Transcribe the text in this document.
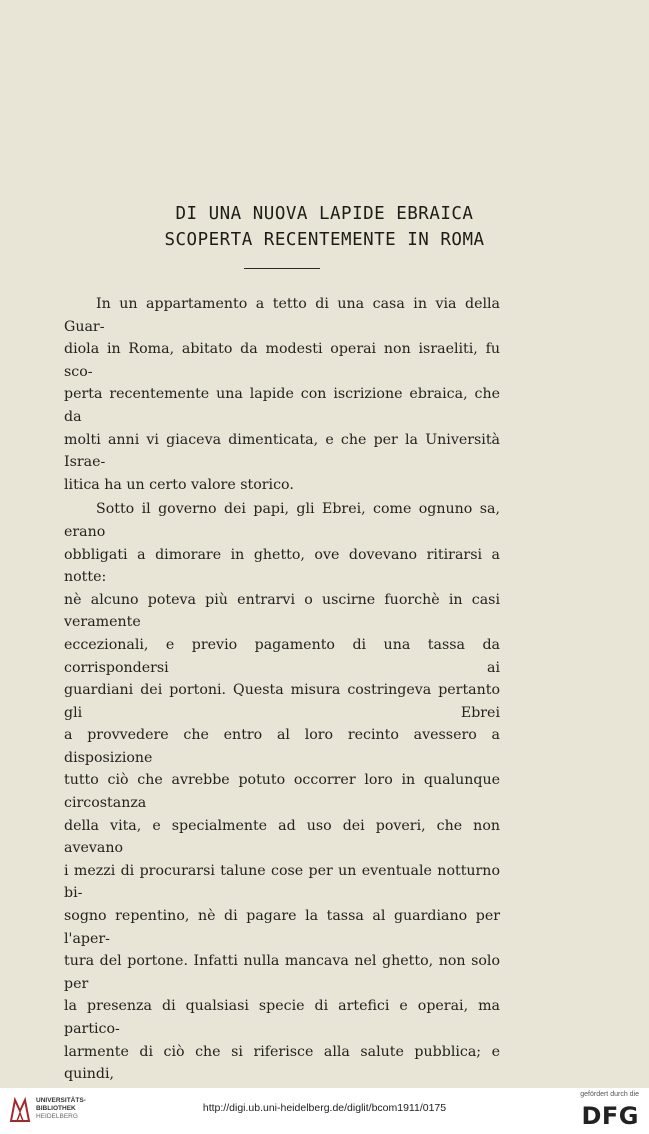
DI UNA NUOVA LAPIDE EBRAICA
SCOPERTA RECENTEMENTE IN ROMA

In un appartamento a tetto di una casa in via della Guar-
diola in Roma, abitato da modesti operai non israeliti, fu sco-
perta recentemente una lapide con iscrizione ebraica, che da
molti anni vi giaceva dimenticata, e che per la Università Israe-
litica ha un certo valore storico.

Sotto il governo dei papi, gli Ebrei, come ognuno sa, erano
obbligati a dimorare in ghetto, ove dovevano ritirarsi a notte:
nè alcuno poteva più entrarvi o uscirne fuorchè in casi veramente
eccezionali, e previo pagamento di una tassa da corrispondersi ai
guardiani dei portoni. Questa misura costringeva pertanto gli Ebrei
a provvedere che entro al loro recinto avessero a disposizione
tutto ciò che avrebbe potuto occorrer loro in qualunque circostanza
della vita, e specialmente ad uso dei poveri, che non avevano
i mezzi di procurarsi talune cose per un eventuale notturno bi-
sogno repentino, nè di pagare la tassa al guardiano per l'aper-
tura del portone. Infatti nulla mancava nel ghetto, non solo per
la presenza di qualsiasi specie di artefici e operai, ma partico-
larmente di ciò che si riferisce alla salute pubblica; e quindi,

UNIVERSITÄTS-
BIBLIOTHEK
HEIDELBERG
http://digi.ub.uni-heidelberg.de/diglit/bcom1911/0175
gefördert durch die
DFG
